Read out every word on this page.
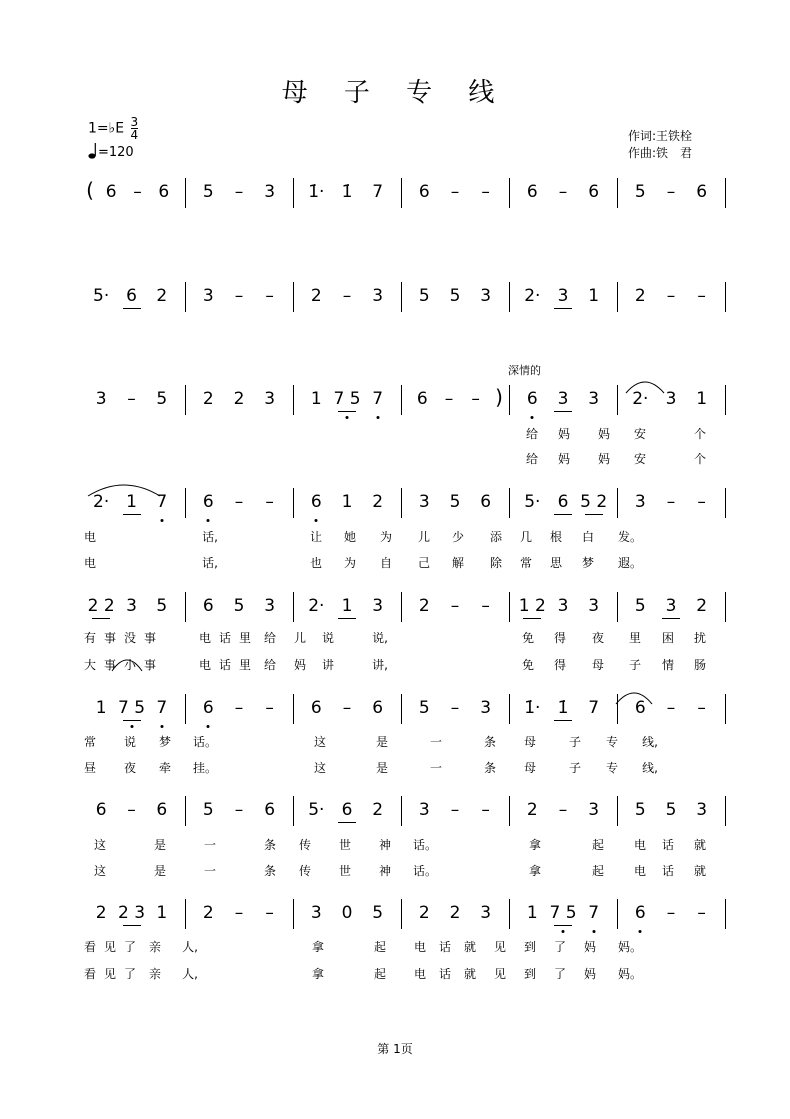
母 子 专 线
1=♭E $\frac{3}{4}$
=120
作词:王铁栓
作曲:铁　君
深情的
( 6 – 6 5 – 3 1̇· 1̇ 7 6 – – 6 – 6 5 – 6
5· 6 2 3 – – 2 – 3 5 5 3 2· 3 1 2 – –
3 – 5 2 2 3 1 7 5 7	)
6 – –	6 3 3 2· 3 1
2· 1 7 6 – – 6 1 2 3 5 6 5· 6 5 2 3 – –
2 2 3 5 6 5 3 2· 1 3 2 – – 1 2 3 3 5 3 2
1 7 5 7 6 – – 6 – 6 5 – 3 1̇· 1̇ 7 6 – –
6 – 6 5 – 6 5· 6 2 3 – – 2 – 3 5 5 3
2 2 3 1 2 – – 3 0 5 2 2 3 1 7 5 7 6 – –
给 妈 妈 安	个
给 妈 妈 安	个
电	话,	让 她 为 儿 少 添 几 根 白 发。
电	话,	也 为 自 己 解 除 常 思 梦 遐。
有 事 没 事	电 话 里 给 儿 说	说,	免 得 夜 里 困 扰
大 事 小 事	电 话 里 给 妈 讲	讲,	免 得 母 子 情 肠
常 说 梦 话。	这	是	一	条 母	子 专 线,
昼 夜 牵 挂。	这	是	一	条 母	子 专 线,
这	是	一	条 传 世 神 话。	拿	起 电 话 就
这	是	一	条 传 世 神 话。	拿	起 电 话 就
看 见 了 亲 人,	拿	起 电 话 就 见 到 了 妈 妈。
看 见 了 亲 人,	拿	起 电 话 就 见 到 了 妈 妈。
第 1页
